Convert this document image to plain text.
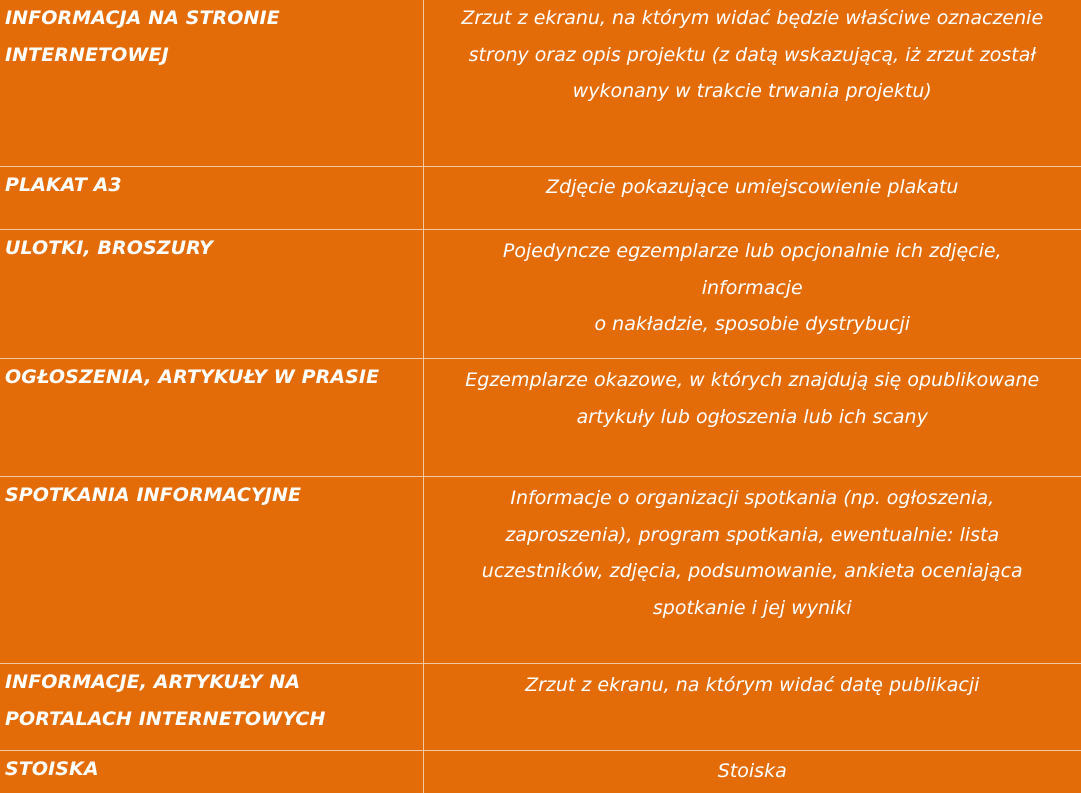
INFORMACJA NA STRONIE
INTERNETOWEJ	Zrzut z ekranu, na którym widać będzie właściwe oznaczenie
strony oraz opis projektu (z datą wskazującą, iż zrzut został
wykonany w trakcie trwania projektu)

PLAKAT A3	Zdjęcie pokazujące umiejscowienie plakatu

ULOTKI, BROSZURY	Pojedyncze egzemplarze lub opcjonalnie ich zdjęcie,
informacje
o nakładzie, sposobie dystrybucji

OGŁOSZENIA, ARTYKUŁY W PRASIE	Egzemplarze okazowe, w których znajdują się opublikowane
artykuły lub ogłoszenia lub ich scany

SPOTKANIA INFORMACYJNE	Informacje o organizacji spotkania (np. ogłoszenia,
zaproszenia), program spotkania, ewentualnie: lista
uczestników, zdjęcia, podsumowanie, ankieta oceniająca
spotkanie i jej wyniki

INFORMACJE, ARTYKUŁY NA
PORTALACH INTERNETOWYCH	Zrzut z ekranu, na którym widać datę publikacji

STOISKA	Stoiska
